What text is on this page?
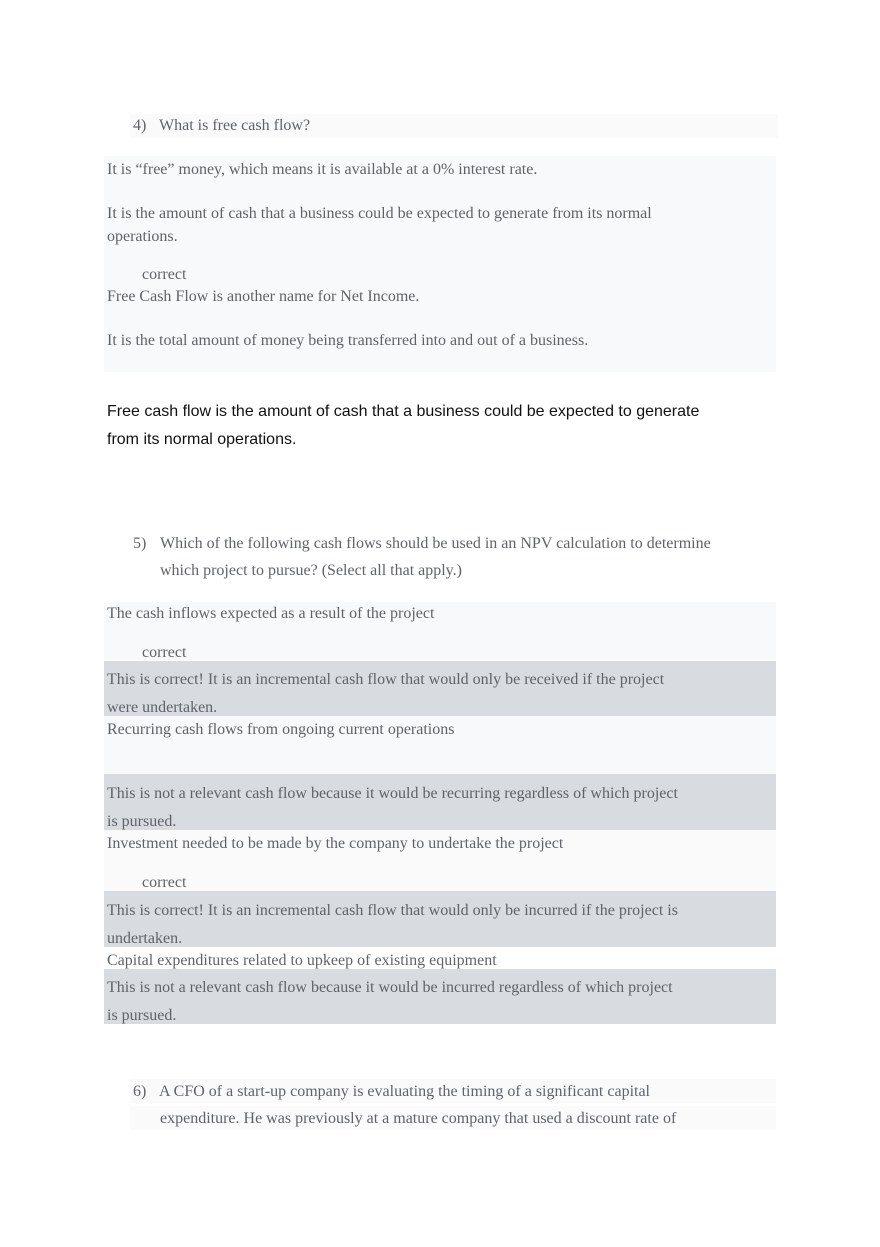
4) What is free cash flow?
It is “free” money, which means it is available at a 0% interest rate.
It is the amount of cash that a business could be expected to generate from its normal
operations.
correct
Free Cash Flow is another name for Net Income.
It is the total amount of money being transferred into and out of a business.
Free cash flow is the amount of cash that a business could be expected to generate
from its normal operations.
5) Which of the following cash flows should be used in an NPV calculation to determine
which project to pursue? (Select all that apply.)
The cash inflows expected as a result of the project
correct
This is correct! It is an incremental cash flow that would only be received if the project
were undertaken.
Recurring cash flows from ongoing current operations
This is not a relevant cash flow because it would be recurring regardless of which project
is pursued.
Investment needed to be made by the company to undertake the project
correct
This is correct! It is an incremental cash flow that would only be incurred if the project is
undertaken.
Capital expenditures related to upkeep of existing equipment
This is not a relevant cash flow because it would be incurred regardless of which project
is pursued.
6) A CFO of a start-up company is evaluating the timing of a significant capital
expenditure. He was previously at a mature company that used a discount rate of
